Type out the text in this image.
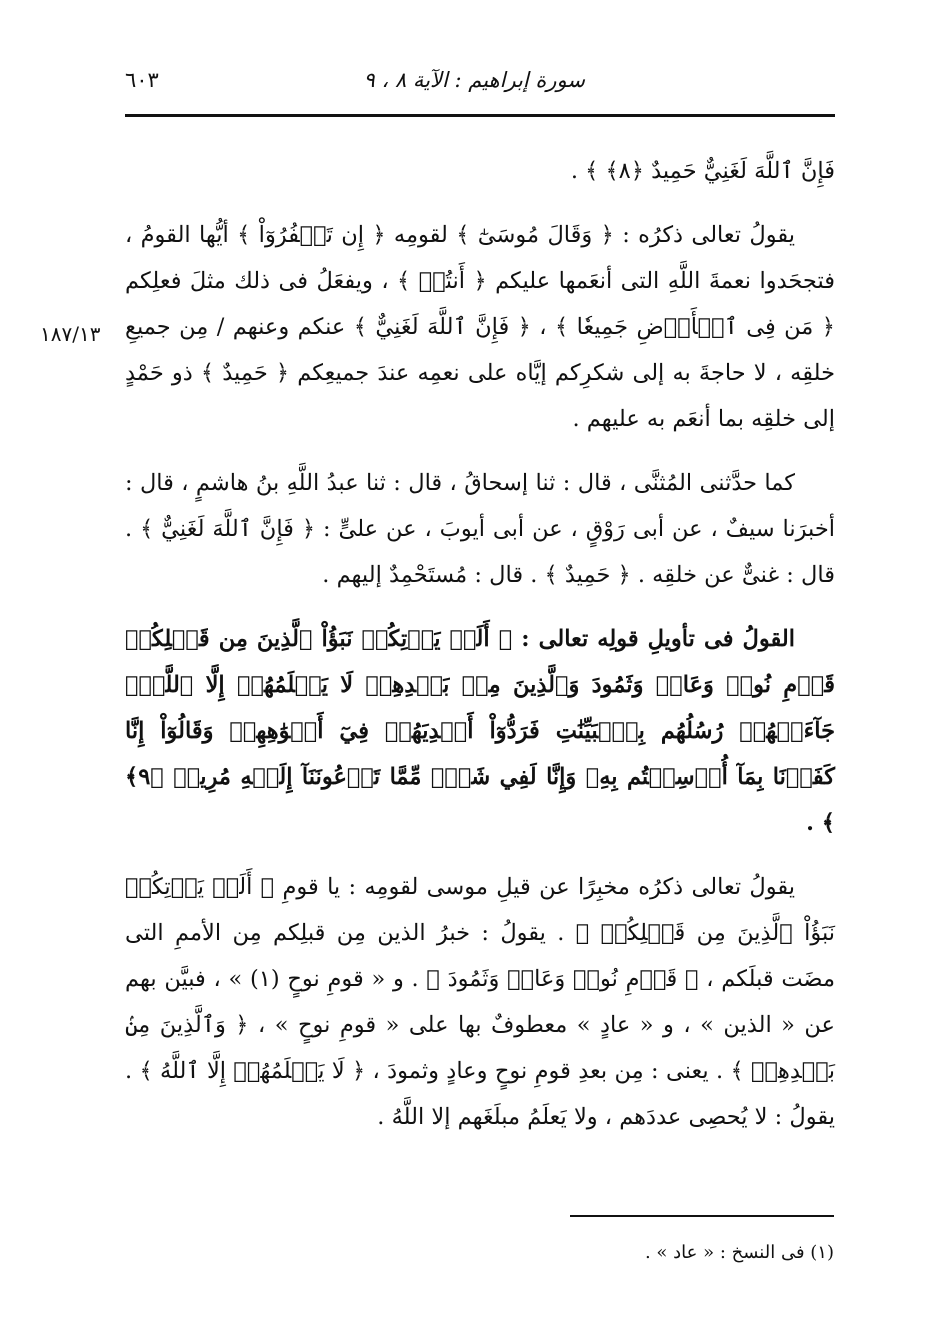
سورة إبراهيم : الآية ٨ ، ٩
٦٠٣
١٨٧/١٣

فَإِنَّ ٱللَّهَ لَغَنِيٌّ حَمِيدٌ ﴿٨﴾ ﴾ .

يقولُ تعالى ذكرُه : ﴿ وَقَالَ مُوسَىٰٓ ﴾ لقومِه ﴿ إِن تَكۡفُرُوٓاْ ﴾ أيُّها القومُ ، فتجحَدوا نعمةَ اللَّهِ التى أنعَمها عليكم ﴿ أَنتُمۡ ﴾ ، ويفعَلُ فى ذلك مثلَ فعلِكم ﴿ مَن فِى ٱلۡأَرۡضِ جَمِيعٗا ﴾ ، ﴿ فَإِنَّ ٱللَّهَ لَغَنِيٌّ ﴾ عنكم وعنهم / مِن جميعِ خلقِه ، لا حاجةَ به إلى شكرِكم إيَّاه على نعمِه عندَ جميعِكم ﴿ حَمِيدٌ ﴾ ذو حَمْدٍ إلى خلقِه بما أنعَم به عليهم .

كما حدَّثنى المُثنَّى ، قال : ثنا إسحاقُ ، قال : ثنا عبدُ اللَّهِ بنُ هاشمٍ ، قال : أخبرَنا سيفٌ ، عن أبى رَوْقٍ ، عن أبى أيوبَ ، عن علىٍّ : ﴿ فَإِنَّ ٱللَّهَ لَغَنِيٌّ ﴾ . قال : غنىٌّ عن خلقِه . ﴿ حَمِيدٌ ﴾ . قال : مُستَحْمِدٌ إليهم .

القولُ فى تأويلِ قولِه تعالى : ﴿ أَلَمۡ يَأۡتِكُمۡ نَبَؤُاْ ٱلَّذِينَ مِن قَبۡلِكُمۡ قَوۡمِ نُوحٖ وَعَادٖ وَثَمُودَ وَٱلَّذِينَ مِنۢ بَعۡدِهِمۡ لَا يَعۡلَمُهُمۡ إِلَّا ٱللَّهُۚ جَآءَتۡهُمۡ رُسُلُهُم بِٱلۡبَيِّنَٰتِ فَرَدُّوٓاْ أَيۡدِيَهُمۡ فِيٓ أَفۡوَٰهِهِمۡ وَقَالُوٓاْ إِنَّا كَفَرۡنَا بِمَآ أُرۡسِلۡتُم بِهِۦ وَإِنَّا لَفِي شَكّٖ مِّمَّا تَدۡعُونَنَآ إِلَيۡهِ مُرِيبٖ ﴿٩﴾ ﴾ .

يقولُ تعالى ذكرُه مخبِرًا عن قيلِ موسى لقومِه : يا قومِ ﴿ أَلَمۡ يَأۡتِكُمۡ نَبَؤُاْ ٱلَّذِينَ مِن قَبۡلِكُمۡ ﴾ . يقولُ : خبرُ الذين مِن قبلِكم مِن الأممِ التى مضَت قبلَكم ، ﴿ قَوۡمِ نُوحٖ وَعَادٖ وَثَمُودَ ﴾ . و « قومِ نوحٍ (١) » ، فبيَّن بهم عن « الذين » ، و « عادٍ » معطوفٌ بها على « قومِ نوحٍ » ، ﴿ وَٱلَّذِينَ مِنۢ بَعۡدِهِمۡ ﴾ . يعنى : مِن بعدِ قومِ نوحٍ وعادٍ وثمودَ ، ﴿ لَا يَعۡلَمُهُمۡ إِلَّا ٱللَّهُ ﴾ . يقولُ : لا يُحصِى عددَهم ، ولا يَعلَمُ مبلَغَهم إلا اللَّهُ .

(١) فى النسخ : « عاد » .
